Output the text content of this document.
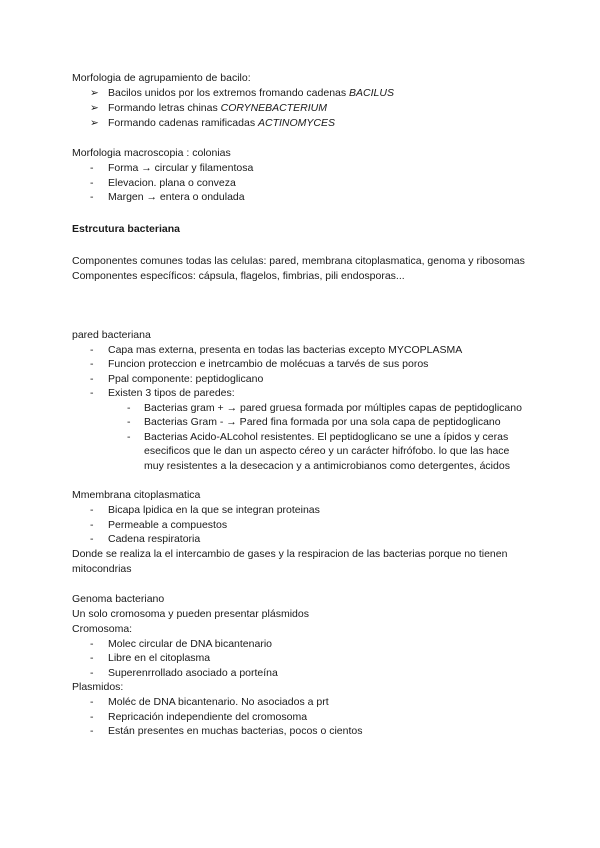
Morfologia de agrupamiento de bacilo:

➢ Bacilos unidos por los extremos fromando cadenas BACILUS
➢ Formando letras chinas CORYNEBACTERIUM
➢ Formando cadenas ramificadas ACTINOMYCES

Morfologia macroscopia : colonias

- Forma → circular y filamentosa
- Elevacion. plana o conveza
- Margen → entera o ondulada

Estrcutura bacteriana

Componentes comunes todas las celulas: pared, membrana citoplasmatica, genoma y ribosomas

Componentes específicos: cápsula, flagelos, fimbrias, pili endosporas...

pared bacteriana

- Capa mas externa, presenta en todas las bacterias excepto MYCOPLASMA
- Funcion proteccion e inetrcambio de molécuas a tarvés de sus poros
- Ppal componente: peptidoglicano
- Existen 3 tipos de paredes:
- Bacterias gram + → pared gruesa formada por múltiples capas de peptidoglicano
- Bacterias Gram - → Pared fina formada por una sola capa de peptidoglicano
- Bacterias Acido-ALcohol resistentes. El peptidoglicano se une a ípidos y ceras esecificos que le dan un aspecto céreo y un carácter hifrófobo. lo que las hace muy resistentes a la desecacion y a antimicrobianos como detergentes, ácidos

Mmembrana citoplasmatica

- Bicapa lpidica en la que se integran proteinas
- Permeable a compuestos
- Cadena respiratoria

Donde se realiza la el intercambio de gases y la respiracion de las bacterias porque no tienen mitocondrias

Genoma bacteriano

Un solo cromosoma y pueden presentar plásmidos

Cromosoma:

- Molec circular de DNA bicantenario
- Libre en el citoplasma
- Superenrrollado asociado a porteína

Plasmidos:

- Moléc de DNA bicantenario. No asociados a prt
- Repricación independiente del cromosoma
- Están presentes en muchas bacterias, pocos o cientos
